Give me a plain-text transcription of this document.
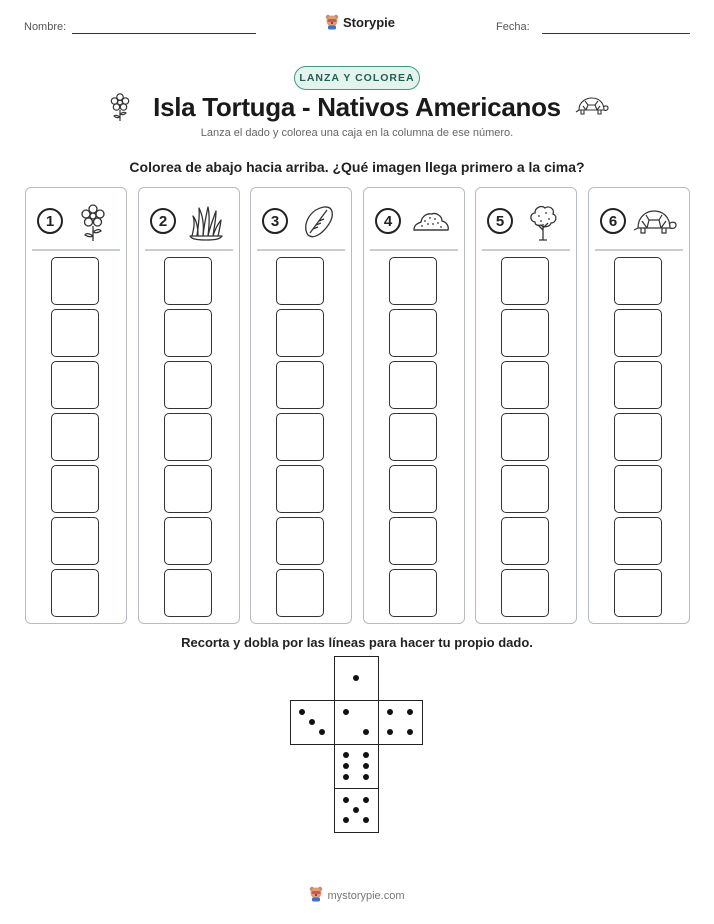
Nombre:	Storypie	Fecha:
LANZA Y COLOREA
Isla Tortuga - Nativos Americanos
Lanza el dado y colorea una caja en la columna de ese número.
Colorea de abajo hacia arriba. ¿Qué imagen llega primero a la cima?
1	2	3	4	5	6
Recorta y dobla por las líneas para hacer tu propio dado.
mystorypie.com
